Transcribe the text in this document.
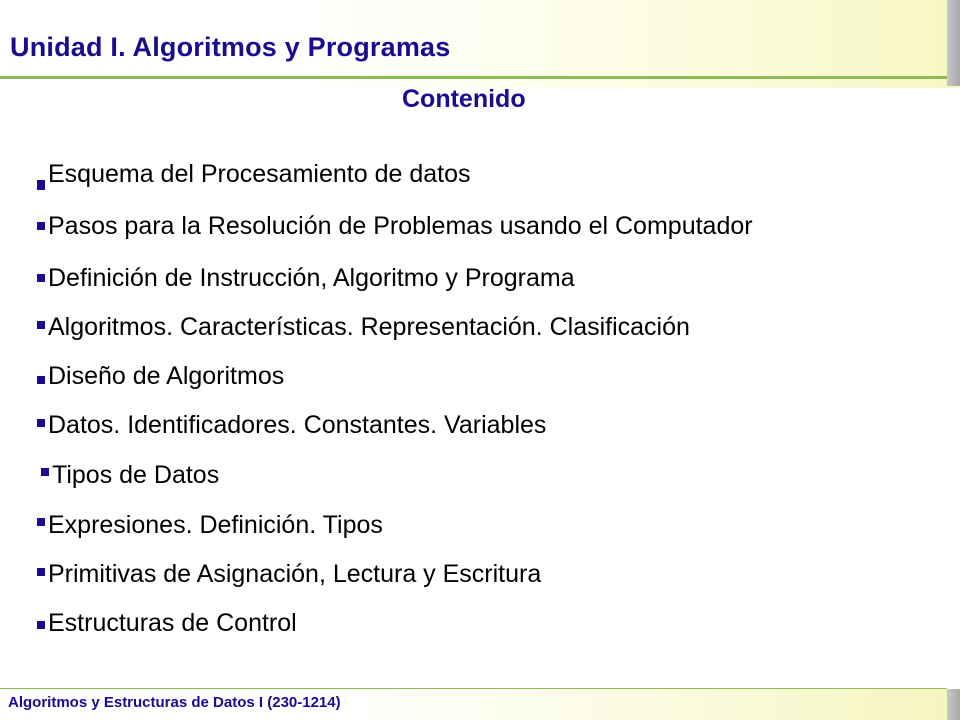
Unidad I. Algoritmos y Programas
Contenido
Esquema del Procesamiento de datos
Pasos para la Resolución de Problemas usando el Computador
Definición de Instrucción, Algoritmo y Programa
Algoritmos. Características. Representación. Clasificación
Diseño de Algoritmos
Datos. Identificadores. Constantes. Variables
Tipos de Datos
Expresiones. Definición. Tipos
Primitivas de Asignación, Lectura y Escritura
Estructuras de Control

Algoritmos y Estructuras de Datos I (230-1214)
